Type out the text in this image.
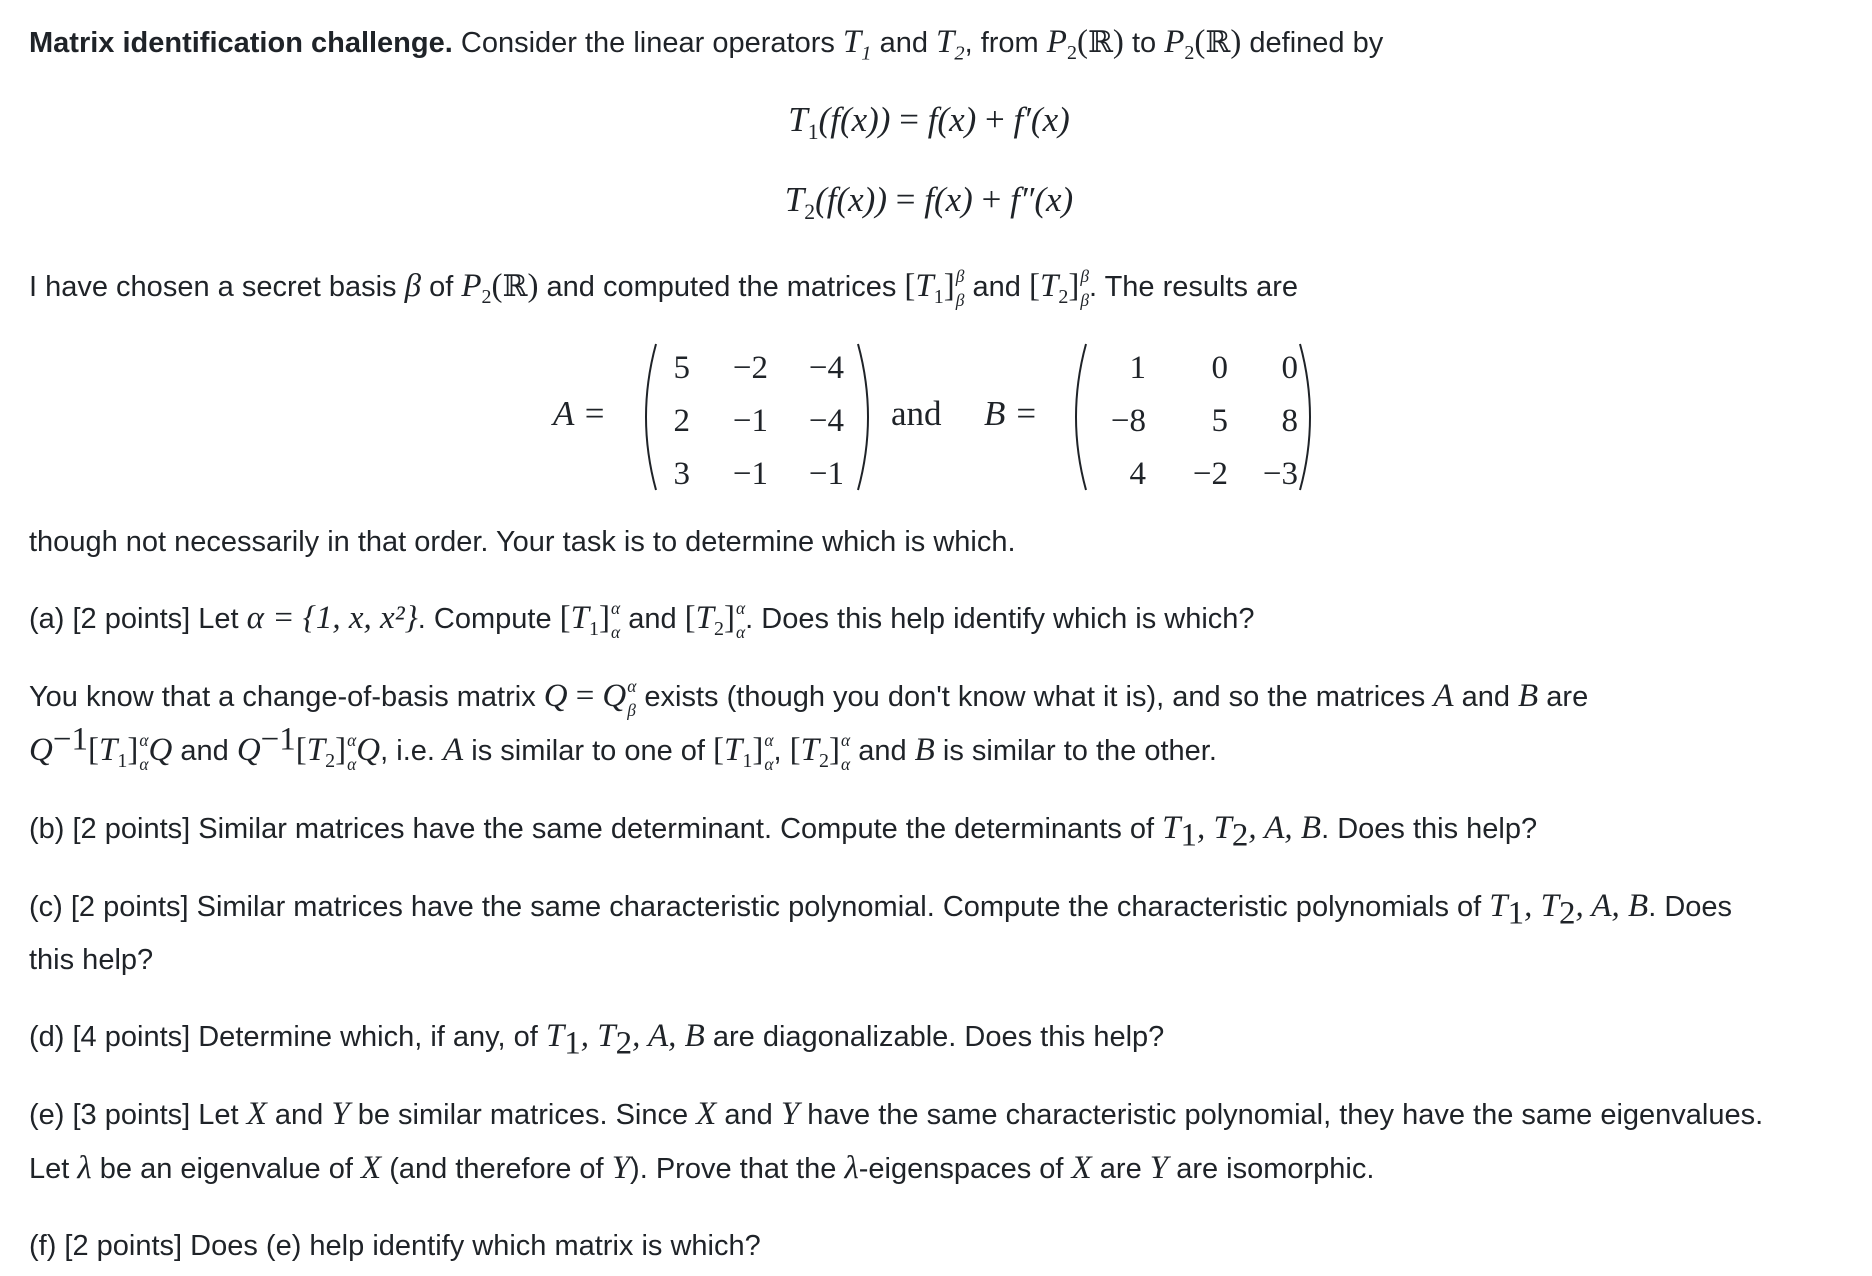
Matrix identification challenge. Consider the linear operators $T_1$ and $T_2$, from $P_2(ℝ)$ to $P_2(ℝ)$ defined by
$T_1(f(x)) = f(x) + f'(x)$
$T_2(f(x)) = f(x) + f''(x)$
I have chosen a secret basis β of $P_2(ℝ)$ and computed the matrices $[T_1]$ β
β and $[T_2]$ β
β . The results are
A =
5	−2	−4
2	−1	−4
3	−1	−1
and B =
1	0	0
−8	5	8
4	−2	−3
though not necessarily in that order. Your task is to determine which is which.
(a) [2 points] Let α = {1, x, x²}. Compute $[T_1]$ α
α and $[T_2]$ α
α . Does this help identify which is which?
You know that a change-of-basis matrix Q = Q α
β exists (though you don't know what it is), and so the matrices A and B are
$Q^{-1}[T_1]$ α
α Q and $Q^{-1}[T_2]$ α
α Q, i.e. A is similar to one of $[T_1]$ α
α , $[T_2]$ α
α and B is similar to the other.
(b) [2 points] Similar matrices have the same determinant. Compute the determinants of $T_1$, $T_2$, A, B. Does this help?
(c) [2 points] Similar matrices have the same characteristic polynomial. Compute the characteristic polynomials of $T_1$, $T_2$, A, B. Does
this help?
(d) [4 points] Determine which, if any, of $T_1$, $T_2$, A, B are diagonalizable. Does this help?
(e) [3 points] Let X and Y be similar matrices. Since X and Y have the same characteristic polynomial, they have the same eigenvalues.
Let λ be an eigenvalue of X (and therefore of Y). Prove that the λ-eigenspaces of X are Y are isomorphic.
(f) [2 points] Does (e) help identify which matrix is which?
